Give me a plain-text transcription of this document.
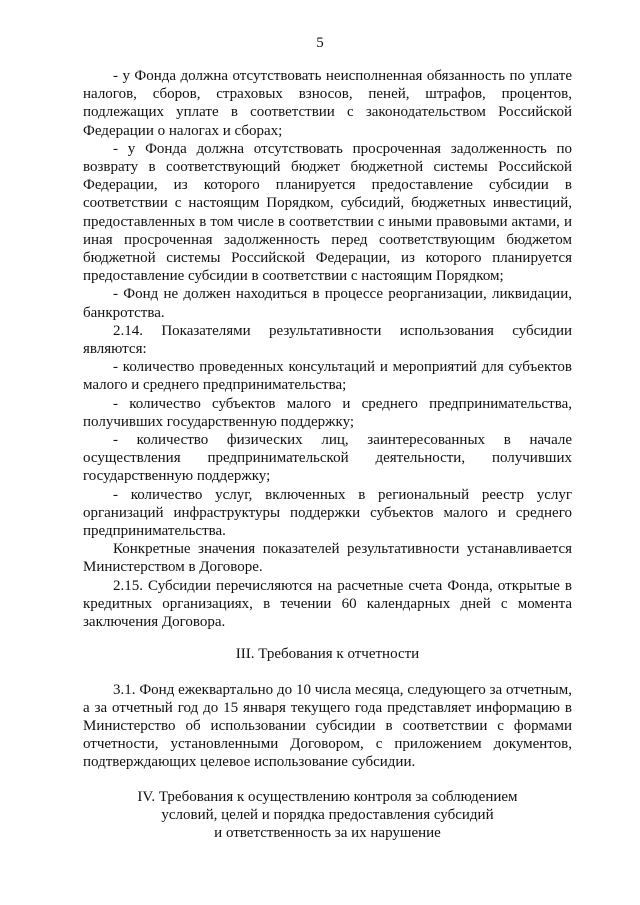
5

- у Фонда должна отсутствовать неисполненная обязанность по уплате налогов, сборов, страховых взносов, пеней, штрафов, процентов, подлежащих уплате в соответствии с законодательством Российской Федерации о налогах и сборах;

- у Фонда должна отсутствовать просроченная задолженность по возврату в соответствующий бюджет бюджетной системы Российской Федерации, из которого планируется предоставление субсидии в соответствии с настоящим Порядком, субсидий, бюджетных инвестиций, предоставленных в том числе в соответствии с иными правовыми актами, и иная просроченная задолженность перед соответствующим бюджетом бюджетной системы Российской Федерации, из которого планируется предоставление субсидии в соответствии с настоящим Порядком;

- Фонд не должен находиться в процессе реорганизации, ликвидации, банкротства.

2.14. Показателями результативности использования субсидии являются:

- количество проведенных консультаций и мероприятий для субъектов малого и среднего предпринимательства;

- количество субъектов малого и среднего предпринимательства, получивших государственную поддержку;

- количество физических лиц, заинтересованных в начале осуществления предпринимательской деятельности, получивших государственную поддержку;

- количество услуг, включенных в региональный реестр услуг организаций инфраструктуры поддержки субъектов малого и среднего предпринимательства.

Конкретные значения показателей результативности устанавливается Министерством в Договоре.

2.15. Субсидии перечисляются на расчетные счета Фонда, открытые в кредитных организациях, в течении 60 календарных дней с момента заключения Договора.

III. Требования к отчетности

3.1. Фонд ежеквартально до 10 числа месяца, следующего за отчетным, а за отчетный год до 15 января текущего года представляет информацию в Министерство об использовании субсидии в соответствии с формами отчетности, установленными Договором, с приложением документов, подтверждающих целевое использование субсидии.

IV. Требования к осуществлению контроля за соблюдением

условий, целей и порядка предоставления субсидий

и ответственность за их нарушение
